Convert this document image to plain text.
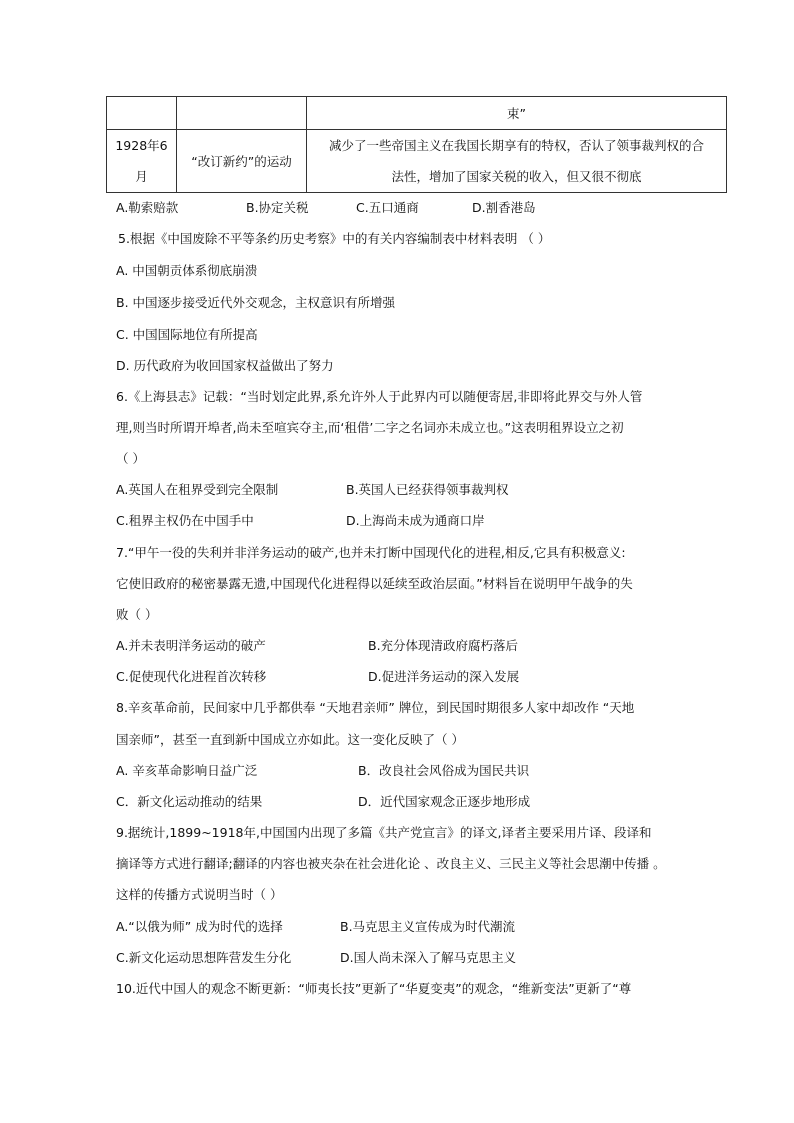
		束”

1928年6月	“改订新约”的运动	减少了一些帝国主义在我国长期享有的特权，否认了领事裁判权的合
法性，增加了国家关税的收入，但又很不彻底
A.勒索赔款	B.协定关税	C.五口通商	D.割香港岛
5.根据《中国废除不平等条约历史考察》中的有关内容编制表中材料表明 （ ）
A. 中国朝贡体系彻底崩溃
B. 中国逐步接受近代外交观念，主权意识有所增强
C. 中国国际地位有所提高
D. 历代政府为收回国家权益做出了努力
6.《上海县志》记载：“当时划定此界,系允许外人于此界内可以随便寄居,非即将此界交与外人管
理,则当时所谓开埠者,尚未至喧宾夺主,而‘租借’二字之名词亦未成立也。”这表明租界设立之初
（ ）
A.英国人在租界受到完全限制	B.英国人已经获得领事裁判权
C.租界主权仍在中国手中	D.上海尚未成为通商口岸
7.“甲午一役的失利并非洋务运动的破产,也并未打断中国现代化的进程,相反,它具有积极意义:
它使旧政府的秘密暴露无遗,中国现代化进程得以延续至政治层面。”材料旨在说明甲午战争的失
败（ ）
A.并未表明洋务运动的破产	B.充分体现清政府腐朽落后
C.促使现代化进程首次转移	D.促进洋务运动的深入发展
8.辛亥革命前，民间家中几乎都供奉 “天地君亲师” 牌位，到民国时期很多人家中却改作 “天地
国亲师”，甚至一直到新中国成立亦如此。这一变化反映了（ ）
A. 辛亥革命影响日益广泛	B．改良社会风俗成为国民共识
C．新文化运动推动的结果	D．近代国家观念正逐步地形成
9.据统计,1899~1918年,中国国内出现了多篇《共产党宣言》的译文,译者主要采用片译、段译和
摘译等方式进行翻译;翻译的内容也被夹杂在社会进化论 、改良主义、三民主义等社会思潮中传播 。
这样的传播方式说明当时（ ）
A.“以俄为师” 成为时代的选择	B.马克思主义宣传成为时代潮流
C.新文化运动思想阵营发生分化	D.国人尚未深入了解马克思主义
10.近代中国人的观念不断更新：“师夷长技”更新了“华夏变夷”的观念，“维新变法”更新了“尊
